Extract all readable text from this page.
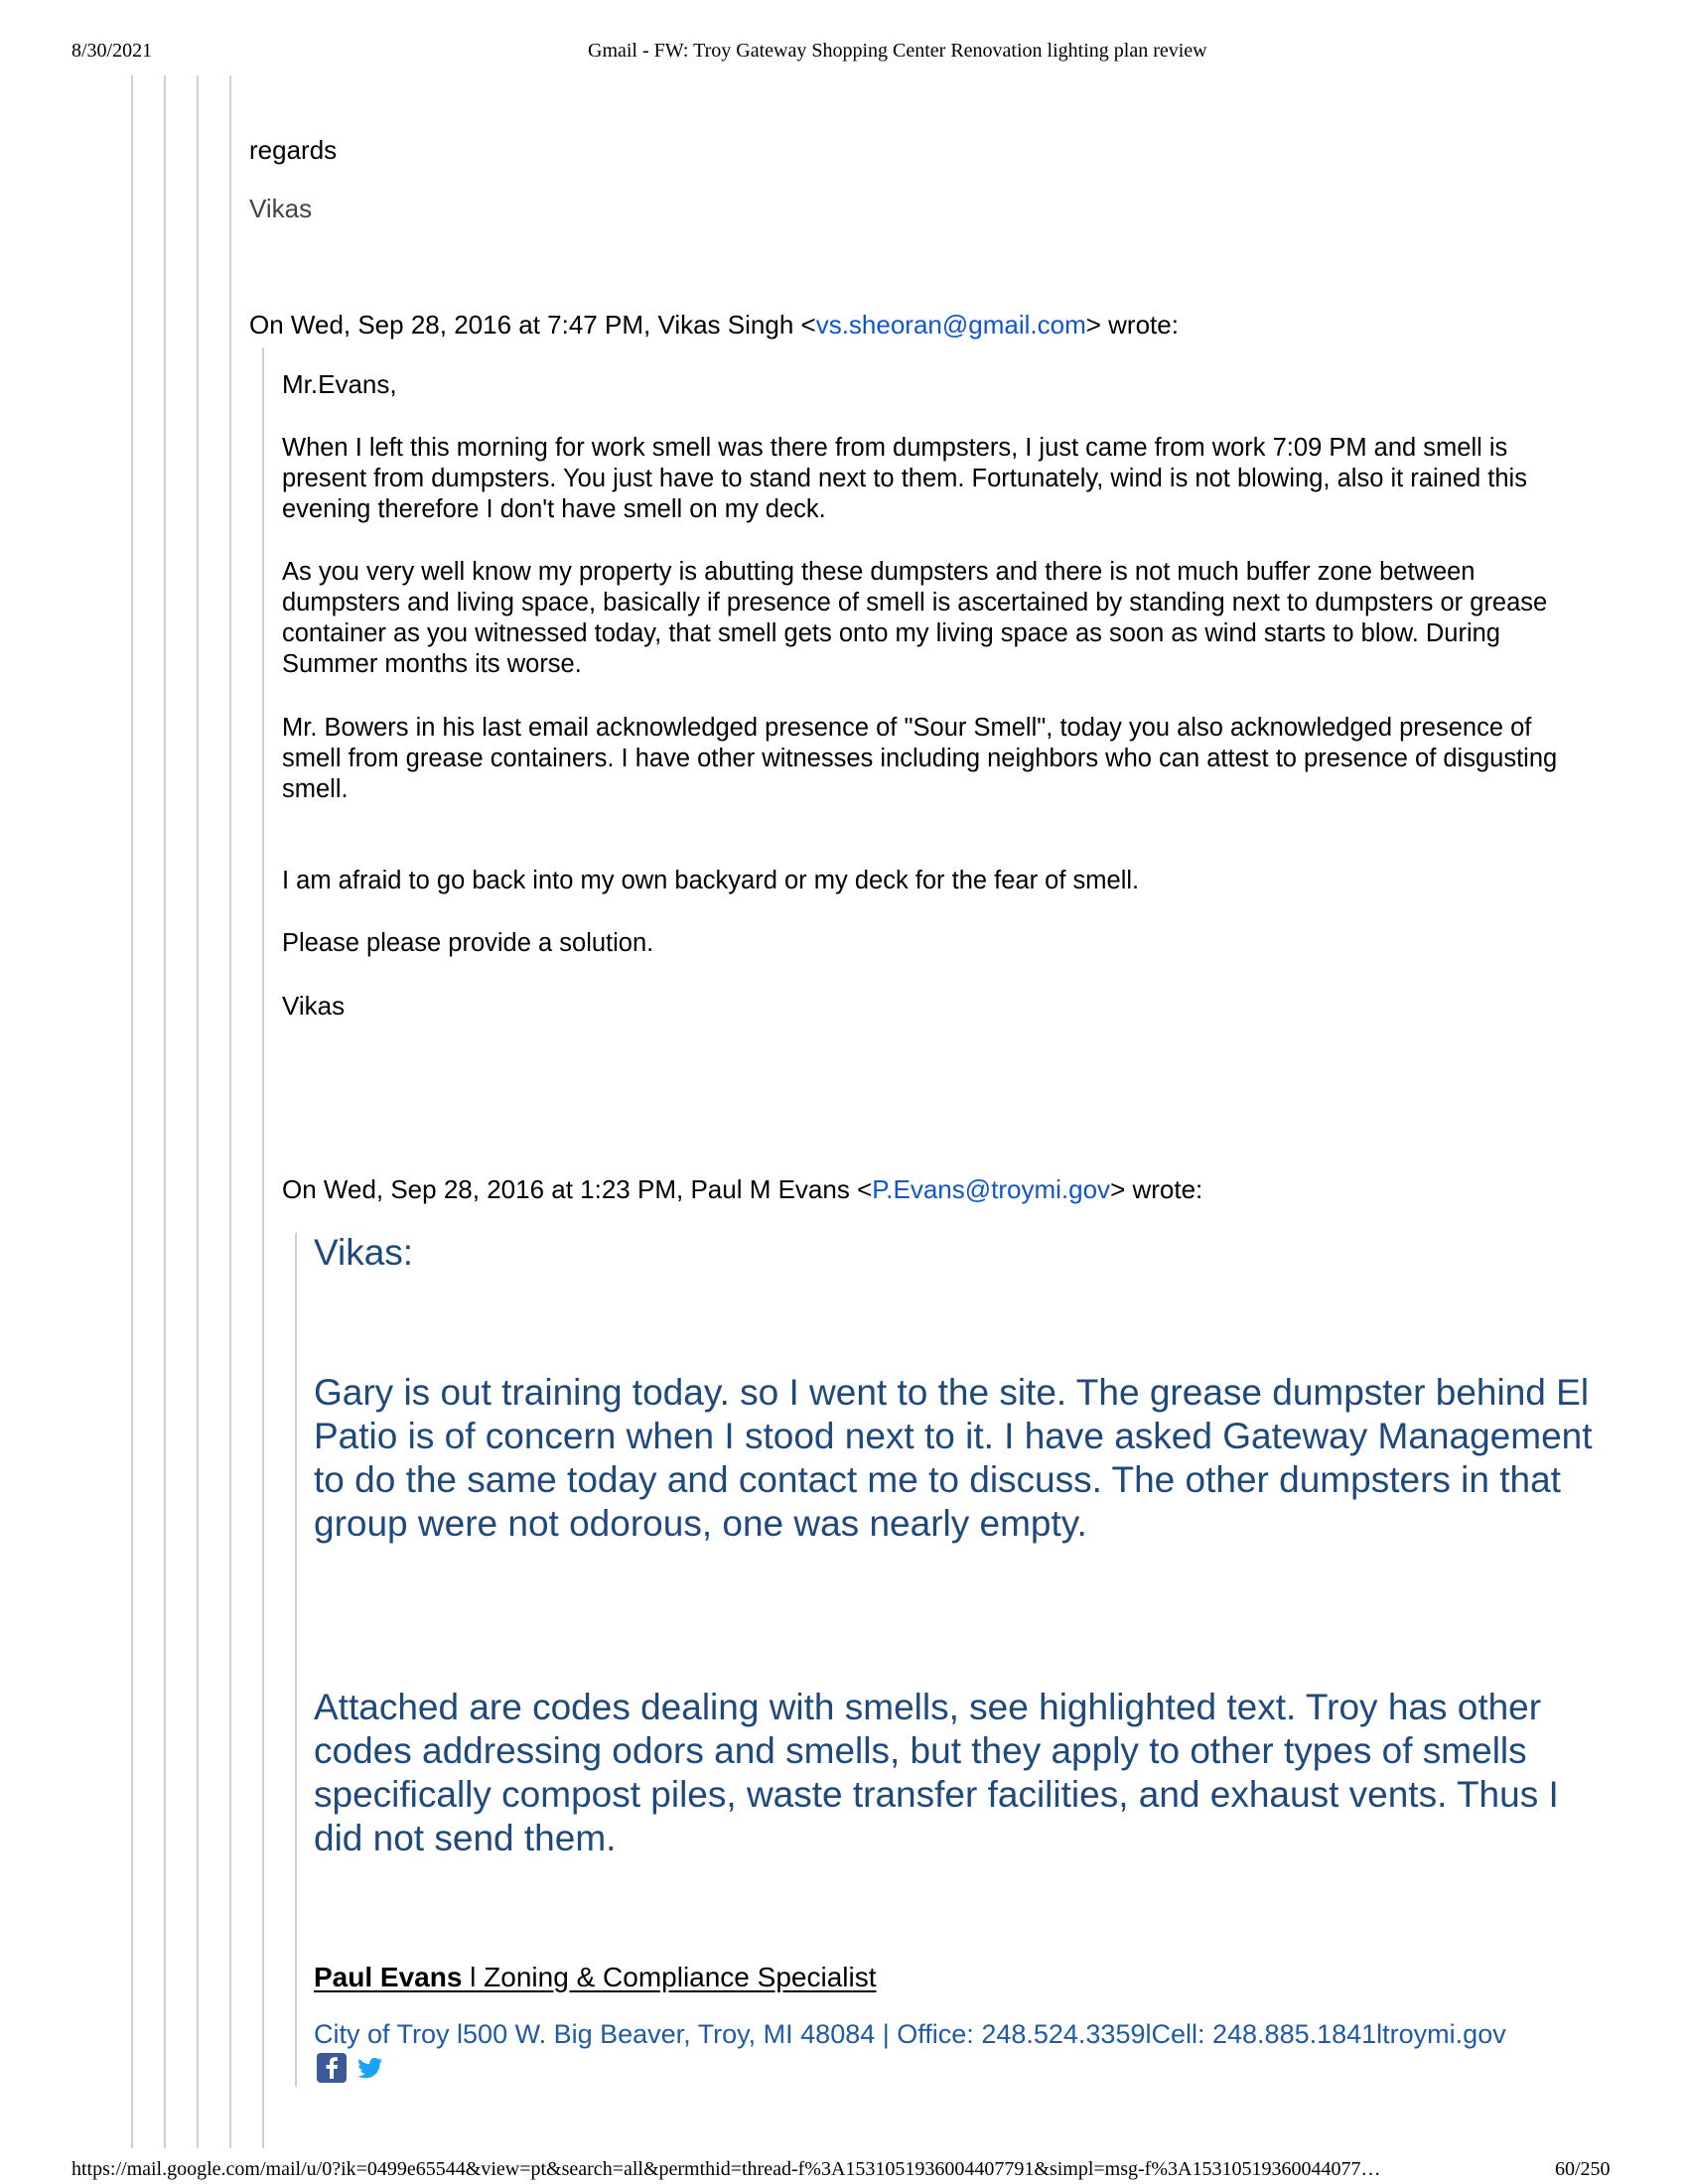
8/30/2021	Gmail - FW: Troy Gateway Shopping Center Renovation lighting plan review
regards
Vikas
On Wed, Sep 28, 2016 at 7:47 PM, Vikas Singh <vs.sheoran@gmail.com> wrote:
Mr.Evans,
When I left this morning for work smell was there from dumpsters, I just came from work 7:09 PM and smell is present from dumpsters. You just have to stand next to them. Fortunately, wind is not blowing, also it rained this evening therefore I don't have smell on my deck.
As you very well know my property is abutting these dumpsters and there is not much buffer zone between dumpsters and living space, basically if presence of smell is ascertained by standing next to dumpsters or grease container as you witnessed today, that smell gets onto my living space as soon as wind starts to blow. During Summer months its worse.
Mr. Bowers in his last email acknowledged presence of "Sour Smell", today you also acknowledged presence of smell from grease containers. I have other witnesses including neighbors who can attest to presence of disgusting smell.
I am afraid to go back into my own backyard or my deck for the fear of smell.
Please please provide a solution.
Vikas
On Wed, Sep 28, 2016 at 1:23 PM, Paul M Evans <P.Evans@troymi.gov> wrote:
Vikas:
Gary is out training today. so I went to the site. The grease dumpster behind El Patio is of concern when I stood next to it. I have asked Gateway Management to do the same today and contact me to discuss. The other dumpsters in that group were not odorous, one was nearly empty.
Attached are codes dealing with smells, see highlighted text. Troy has other codes addressing odors and smells, but they apply to other types of smells specifically compost piles, waste transfer facilities, and exhaust vents. Thus I did not send them.
Paul Evans l Zoning & Compliance Specialist
City of Troy l500 W. Big Beaver, Troy, MI 48084 | Office: 248.524.3359lCell: 248.885.1841ltroymi.gov
https://mail.google.com/mail/u/0?ik=0499e65544&view=pt&search=all&permthid=thread-f%3A1531051936004407791&simpl=msg-f%3A15310519360044077…	60/250
